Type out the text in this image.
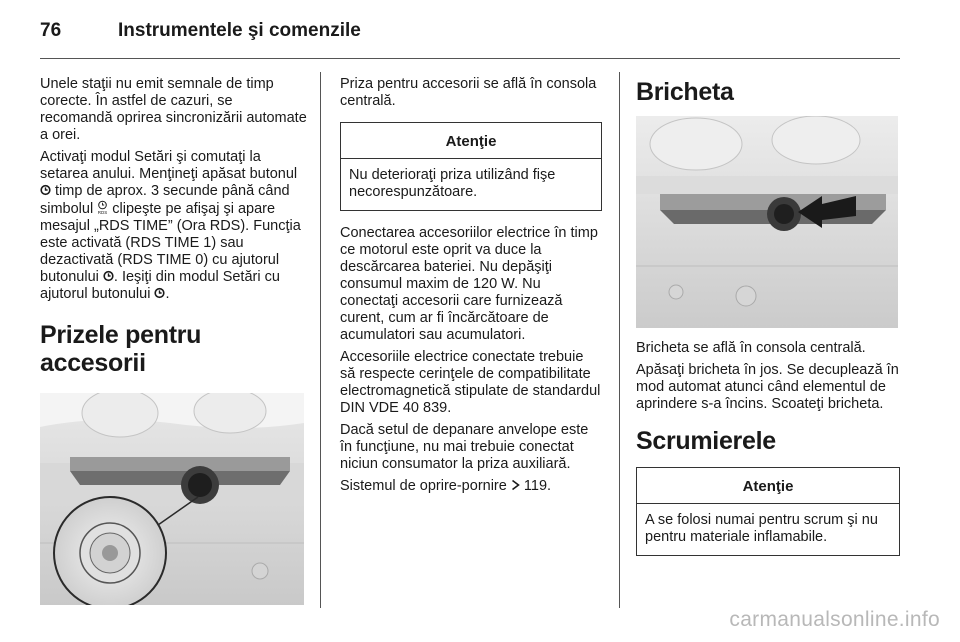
76	Instrumentele şi comenzile

Unele staţii nu emit semnale de timp corecte. În astfel de cazuri, se recomandă oprirea sincronizării automate a orei.

Activaţi modul Setări şi comutaţi la setarea anului. Menţineţi apăsat butonul  timp de aprox. 3 secunde până când simbolul RDS clipeşte pe afişaj şi apare mesajul „RDS TIME” (Ora RDS). Funcţia este activată (RDS TIME 1) sau dezactivată (RDS TIME 0) cu ajutorul butonului . Ieşiţi din modul Setări cu ajutorul butonului .

Prizele pentru accesorii

Priza pentru accesorii se află în consola centrală.

Atenţie
Nu deterioraţi priza utilizând fişe necorespunzătoare.

Conectarea accesoriilor electrice în timp ce motorul este oprit va duce la descărcarea bateriei. Nu depăşiţi consumul maxim de 120 W. Nu conectaţi accesorii care furnizează curent, cum ar fi încărcătoare de acumulatori sau acumulatori.

Accesoriile electrice conectate trebuie să respecte cerinţele de compatibilitate electromagnetică stipulate de standardul DIN VDE 40 839.

Dacă setul de depanare anvelope este în funcţiune, nu mai trebuie conectat niciun consumator la priza auxiliară.

Sistemul de oprire-pornire 119.

Bricheta

Bricheta se află în consola centrală.

Apăsaţi bricheta în jos. Se decuplează în mod automat atunci când elementul de aprindere s-a încins. Scoateţi bricheta.

Scrumierele
Atenţie
A se folosi numai pentru scrum şi nu pentru materiale inflamabile.
carmanualsonline.info
